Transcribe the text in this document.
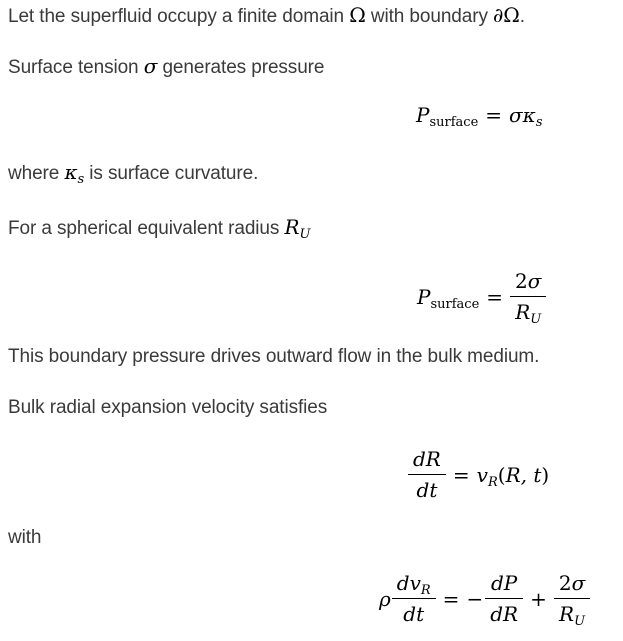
Let the superfluid occupy a finite domain Ω with boundary ∂Ω.

Surface tension σ generates pressure

$P_{surface} = \sigma\kappa_s$

where $\kappa_s$ is surface curvature.

For a spherical equivalent radius $R_U$

$P_{surface} = \frac{2\sigma}{R_U}$

This boundary pressure drives outward flow in the bulk medium.

Bulk radial expansion velocity satisfies

$\frac{dR}{dt} = v_R(R$, t)

with

ρ $\frac{dv_R}{dt}$ = − $\frac{dP}{dR} + \frac{2\sigma}{R_U}$
